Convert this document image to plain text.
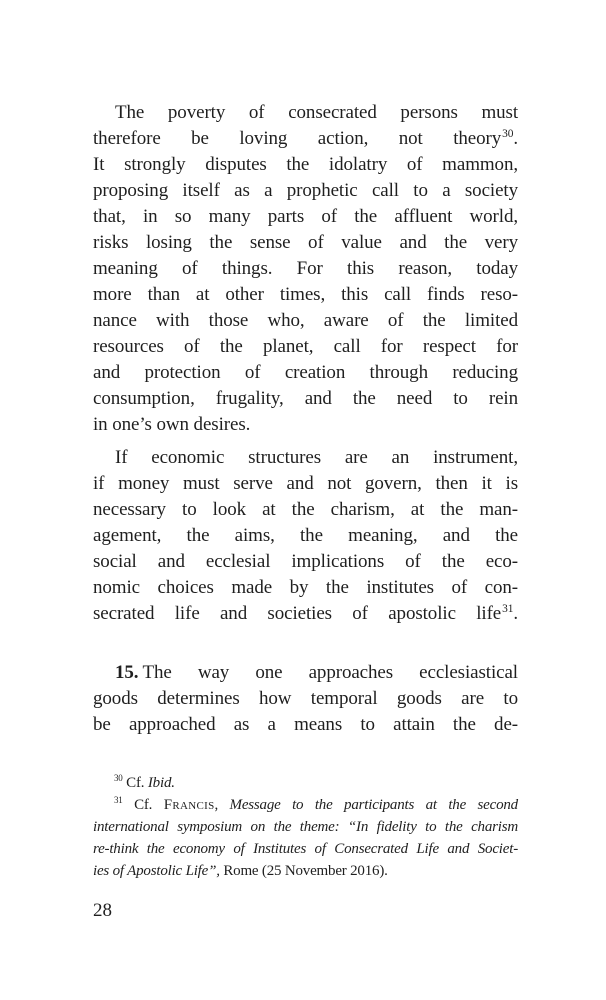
The poverty of consecrated persons must
therefore be loving action, not theory$^{30}$.
It strongly disputes the idolatry of mammon,
proposing itself as a prophetic call to a society
that, in so many parts of the affluent world,
risks losing the sense of value and the very
meaning of things. For this reason, today
more than at other times, this call finds reso-
nance with those who, aware of the limited
resources of the planet, call for respect for
and protection of creation through reducing
consumption, frugality, and the need to rein
in one’s own desires.
If economic structures are an instrument,
if money must serve and not govern, then it is
necessary to look at the charism, at the man-
agement, the aims, the meaning, and the
social and ecclesial implications of the eco-
nomic choices made by the institutes of con-
secrated life and societies of apostolic life$^{31}$.
15. The way one approaches ecclesiastical
goods determines how temporal goods are to
be approached as a means to attain the de-
$^{30}$ Cf. Ibid.
$^{31}$ Cf. Francis, Message to the participants at the second
international symposium on the theme: “In fidelity to the charism
re-think the economy of Institutes of Consecrated Life and Societ-
ies of Apostolic Life”, Rome (25 November 2016).
28
